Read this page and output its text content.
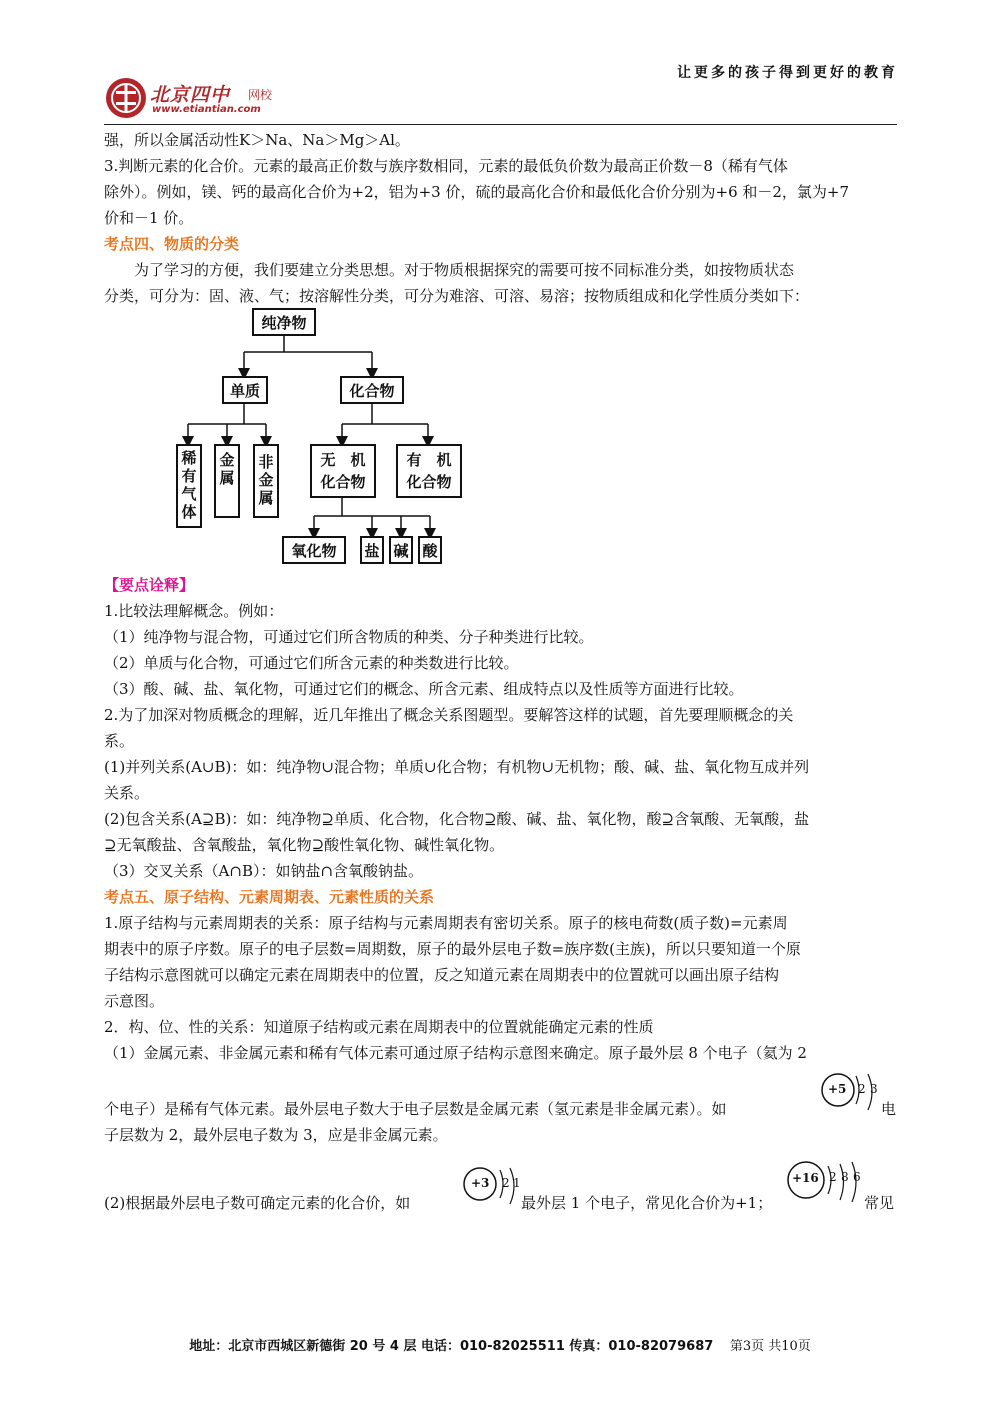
让更多的孩子得到更好的教育
北京四中 网校
www.etiantian.com
强，所以金属活动性K＞Na、Na＞Mg＞Al。
3.判断元素的化合价。元素的最高正价数与族序数相同，元素的最低负价数为最高正价数－8（稀有气体
除外）。例如，镁、钙的最高化合价为+2，铝为+3 价，硫的最高化合价和最低化合价分别为+6 和－2，氯为+7
价和－1 价。
考点四、物质的分类
为了学习的方便，我们要建立分类思想。对于物质根据探究的需要可按不同标准分类，如按物质状态
分类，可分为：固、液、气；按溶解性分类，可分为难溶、可溶、易溶；按物质组成和化学性质分类如下：
纯净物
单质	化合物
稀有气体	金属	非金属	无　机
化合物
有　机
化合物
氧化物	盐 碱 酸
【要点诠释】
1.比较法理解概念。例如：
（1）纯净物与混合物，可通过它们所含物质的种类、分子种类进行比较。
（2）单质与化合物，可通过它们所含元素的种类数进行比较。
（3）酸、碱、盐、氧化物，可通过它们的概念、所含元素、组成特点以及性质等方面进行比较。
2.为了加深对物质概念的理解，近几年推出了概念关系图题型。要解答这样的试题，首先要理顺概念的关
系。
(1)并列关系(A∪B)：如：纯净物∪混合物；单质∪化合物；有机物∪无机物；酸、碱、盐、氧化物互成并列
关系。
(2)包含关系(A⊇B)：如：纯净物⊇单质、化合物，化合物⊇酸、碱、盐、氧化物，酸⊇含氧酸、无氧酸，盐
⊇无氧酸盐、含氧酸盐，氧化物⊇酸性氧化物、碱性氧化物。
（3）交叉关系（A∩B）：如钠盐∩含氧酸钠盐。
考点五、原子结构、元素周期表、元素性质的关系
1.原子结构与元素周期表的关系：原子结构与元素周期表有密切关系。原子的核电荷数(质子数)=元素周
期表中的原子序数。原子的电子层数=周期数，原子的最外层电子数=族序数(主族)，所以只要知道一个原
子结构示意图就可以确定元素在周期表中的位置，反之知道元素在周期表中的位置就可以画出原子结构
示意图。
2．构、位、性的关系：知道原子结构或元素在周期表中的位置就能确定元素的性质
（1）金属元素、非金属元素和稀有气体元素可通过原子结构示意图来确定。原子最外层 8 个电子（氦为 2
个电子）是稀有气体元素。最外层电子数大于电子层数是金属元素（氢元素是非金属元素）。如	电
子层数为 2，最外层电子数为 3，应是非金属元素。
+5 2 3
(2)根据最外层电子数可确定元素的化合价，如
+3 2 1
最外层 1 个电子，常见化合价为+1；
+16 2 8 6
常见
地址：北京市西城区新德街 20 号 4 层 电话：010-82025511 传真：010-82079687 第3页 共10页
